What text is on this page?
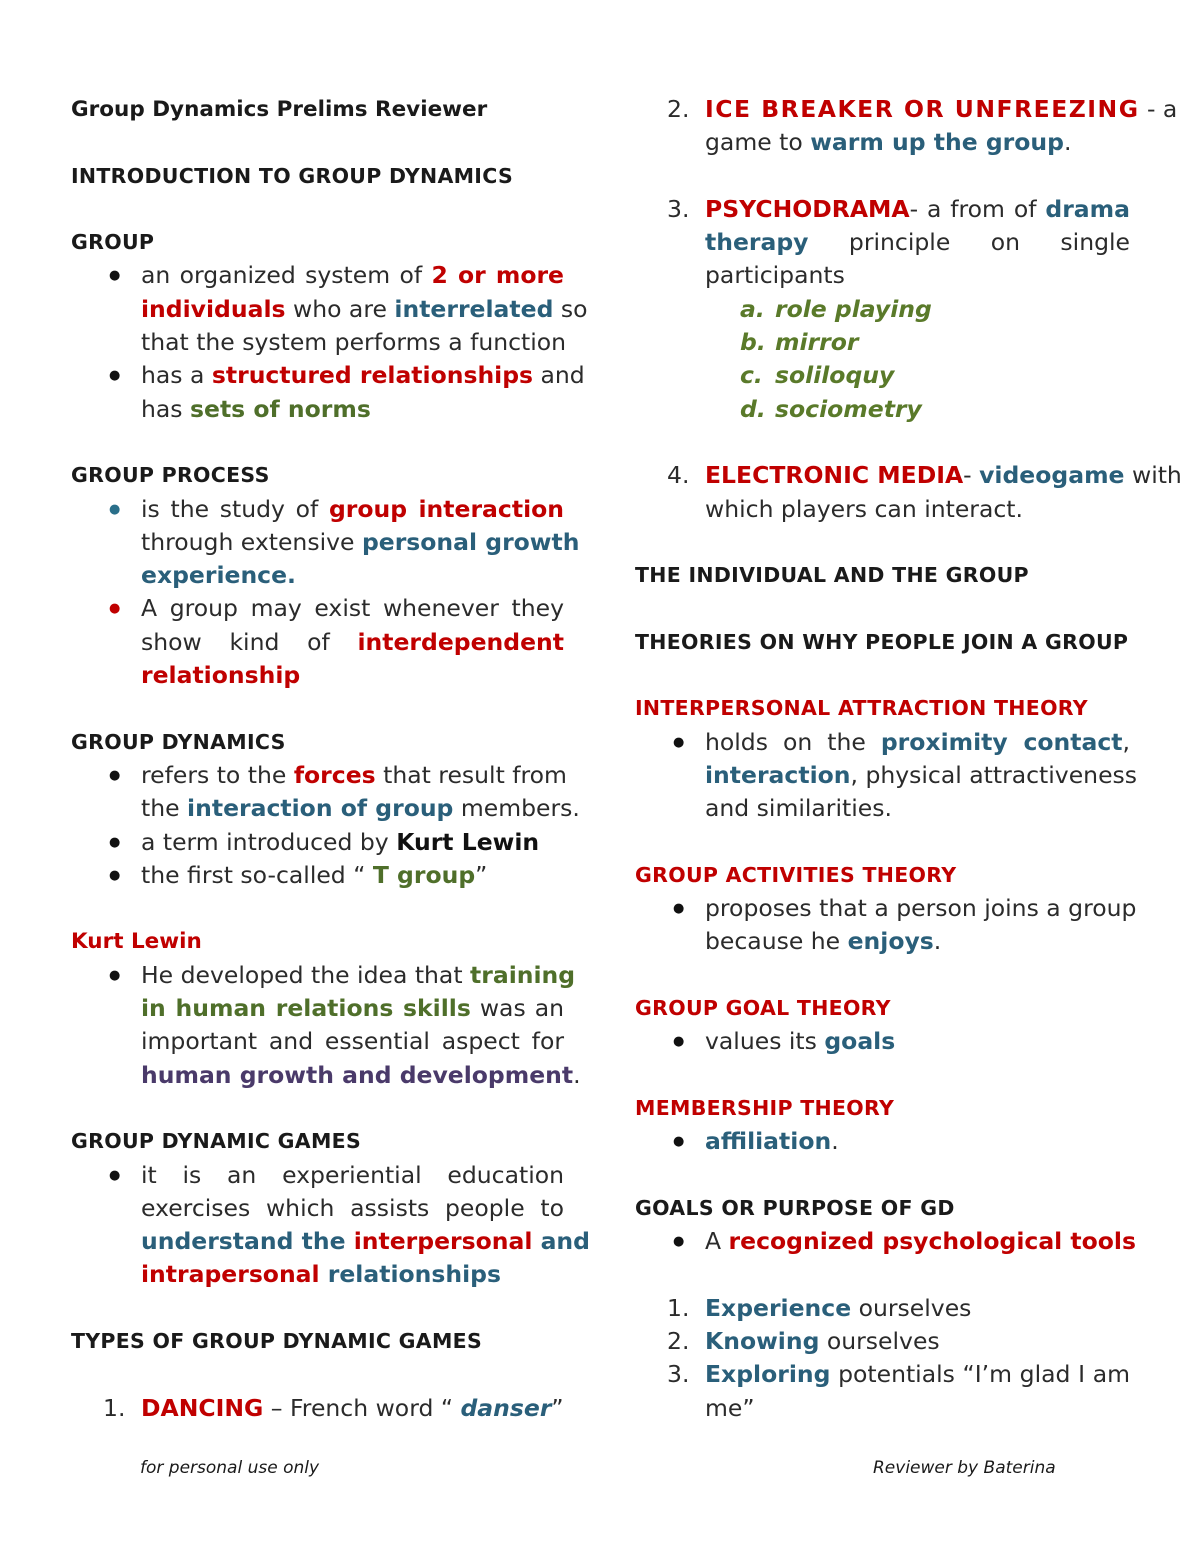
Group Dynamics Prelims Reviewer
INTRODUCTION TO GROUP DYNAMICS
GROUP
● an organized system of 2 or more
individuals who are interrelated so
that the system performs a function
● has a structured relationships and
has sets of norms
GROUP PROCESS
● is the study of group interaction
through extensive personal growth
experience.
● A group may exist whenever they
show kind of interdependent
relationship
GROUP DYNAMICS
● refers to the forces that result from
the interaction of group members.
● a term introduced by Kurt Lewin
● the first so-called “ T group”
Kurt Lewin
● He developed the idea that training
in human relations skills was an
important and essential aspect for
human growth and development.
GROUP DYNAMIC GAMES
● it is an experiential education
exercises which assists people to
understand the interpersonal and
intrapersonal relationships
TYPES OF GROUP DYNAMIC GAMES
1. DANCING – French word “ danser”
2. ICE BREAKER OR UNFREEZING - a
game to warm up the group.
3. PSYCHODRAMA- a from of drama
therapy principle on single
participants
a. role playing
b. mirror
c. soliloquy
d. sociometry
4. ELECTRONIC MEDIA- videogame with
which players can interact.
THE INDIVIDUAL AND THE GROUP
THEORIES ON WHY PEOPLE JOIN A GROUP
INTERPERSONAL ATTRACTION THEORY
● holds on the proximity contact,
interaction, physical attractiveness
and similarities.
GROUP ACTIVITIES THEORY
● proposes that a person joins a group
because he enjoys.
GROUP GOAL THEORY
● values its goals
MEMBERSHIP THEORY
● affiliation.
GOALS OR PURPOSE OF GD
● A recognized psychological tools
1. Experience ourselves
2. Knowing ourselves
3. Exploring potentials “I’m glad I am
me”
for personal use only	Reviewer by Baterina
